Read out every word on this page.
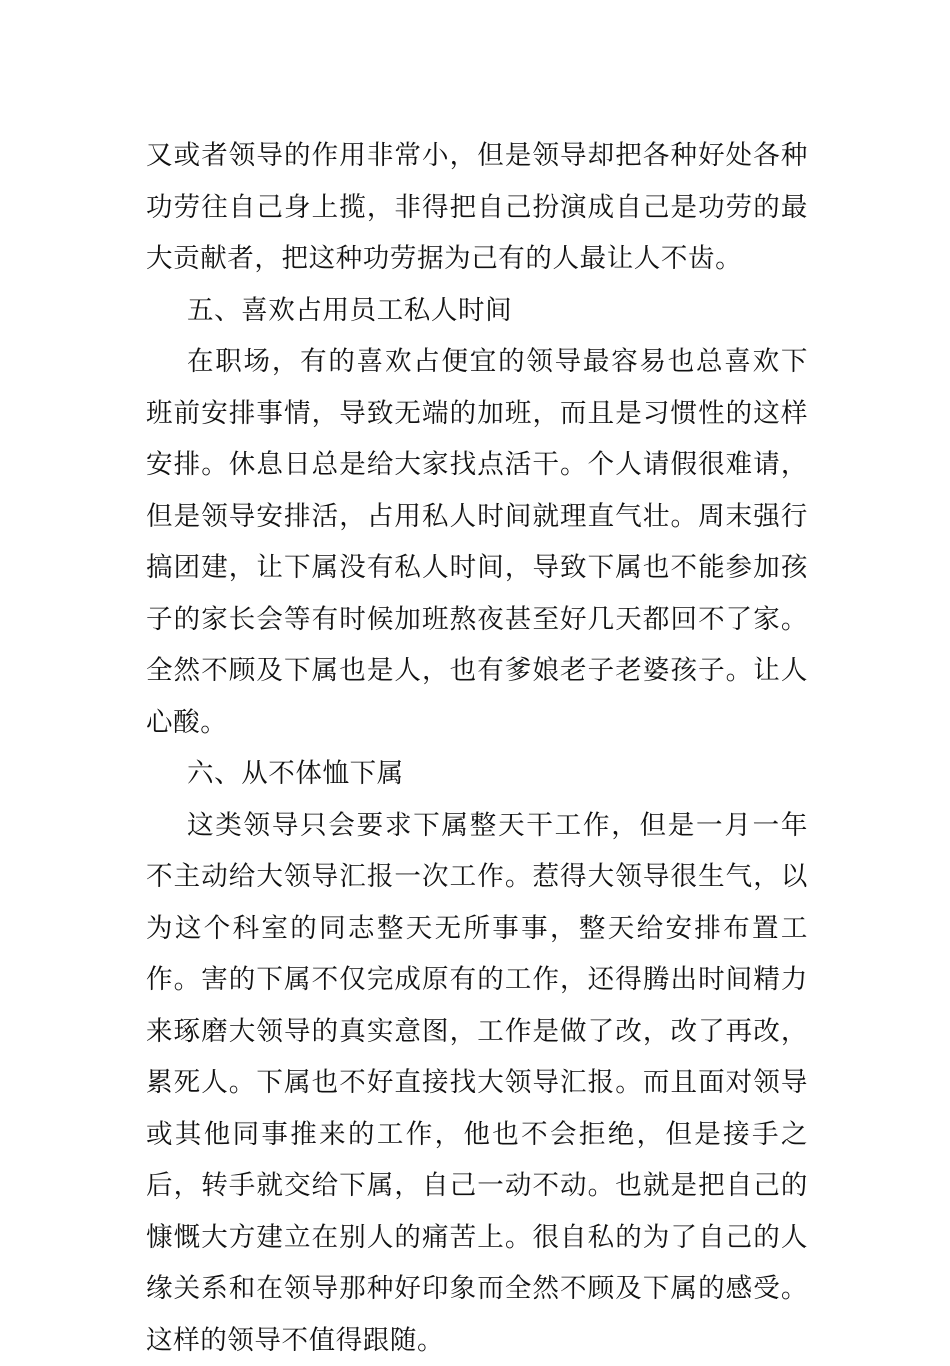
又或者领导的作用非常小，但是领导却把各种好处各种功劳往自己身上揽，非得把自己扮演成自己是功劳的最大贡献者，把这种功劳据为己有的人最让人不齿。

五、喜欢占用员工私人时间

在职场，有的喜欢占便宜的领导最容易也总喜欢下班前安排事情，导致无端的加班，而且是习惯性的这样安排。休息日总是给大家找点活干。个人请假很难请，但是领导安排活，占用私人时间就理直气壮。周末强行搞团建，让下属没有私人时间，导致下属也不能参加孩子的家长会等有时候加班熬夜甚至好几天都回不了家。全然不顾及下属也是人，也有爹娘老子老婆孩子。让人心酸。

六、从不体恤下属

这类领导只会要求下属整天干工作，但是一月一年不主动给大领导汇报一次工作。惹得大领导很生气，以为这个科室的同志整天无所事事，整天给安排布置工作。害的下属不仅完成原有的工作，还得腾出时间精力来琢磨大领导的真实意图，工作是做了改，改了再改，累死人。下属也不好直接找大领导汇报。而且面对领导或其他同事推来的工作，他也不会拒绝，但是接手之后，转手就交给下属，自己一动不动。也就是把自己的慷慨大方建立在别人的痛苦上。很自私的为了自己的人缘关系和在领导那种好印象而全然不顾及下属的感受。这样的领导不值得跟随。
